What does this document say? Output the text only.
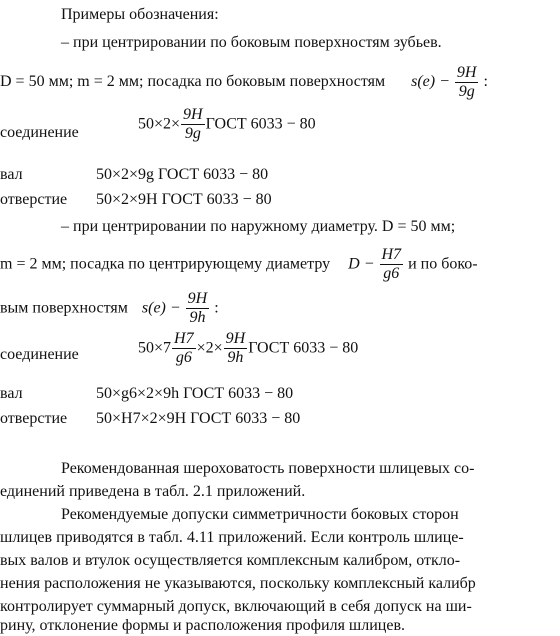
Примеры обозначения:
– при центрировании по боковым поверхностям зубьев.
D = 50 мм; m = 2 мм; посадка по боковым поверхностям $s(e) - \frac{9H}{9g}$ :
соединение	$50\times 2\times \frac{9H}{9g}$ ГОСТ 6033 − 80
вал	50×2×9g ГОСТ 6033 − 80
отверстие 50×2×9H ГОСТ 6033 − 80
– при центрировании по наружному диаметру. D = 50 мм;
m = 2 мм; посадка по центрирующему диаметру $D - \frac{H7}{g6}$ и по боко-
вым поверхностям $s(e) - \frac{9H}{9h}$ :
соединение	$50\times 7 \frac{H7}{g6} \times 2\times \frac{9H}{9h}$ ГОСТ 6033 − 80
вал	50×g6×2×9h ГОСТ 6033 − 80
отверстие 50×H7×2×9H ГОСТ 6033 − 80
Рекомендованная шероховатость поверхности шлицевых со-
единений приведена в табл. 2.1 приложений.
Рекомендуемые допуски симметричности боковых сторон
шлицев приводятся в табл. 4.11 приложений. Если контроль шлице-
вых валов и втулок осуществляется комплексным калибром, откло-
нения расположения не указываются, поскольку комплексный калибр
контролирует суммарный допуск, включающий в себя допуск на ши-
рину, отклонение формы и расположения профиля шлицев.
